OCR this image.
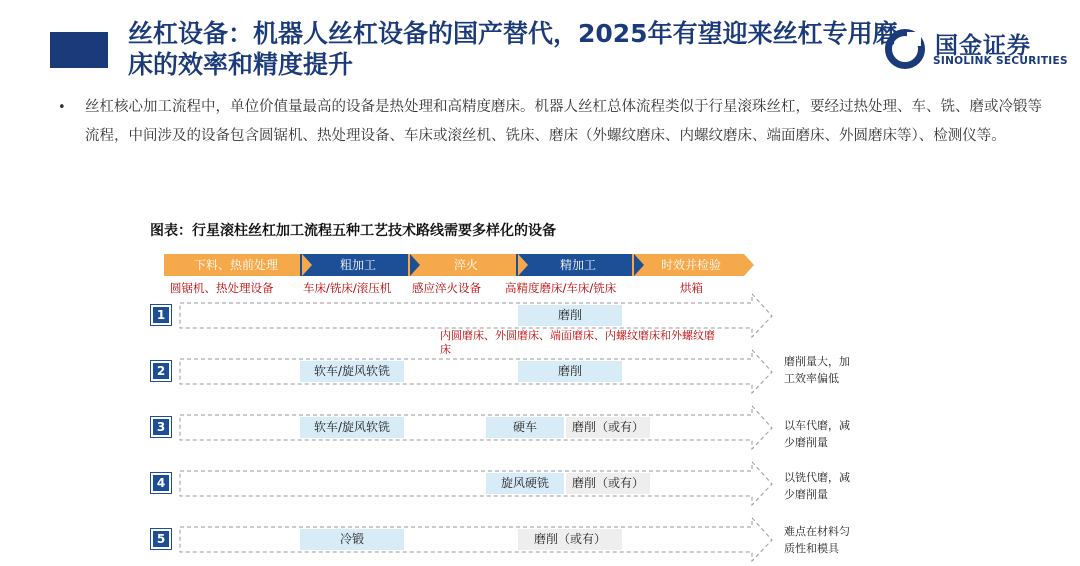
丝杠设备：机器人丝杠设备的国产替代，2025年有望迎来丝杠专用磨床的效率和精度提升
国金证券
SINOLINK SECURITIES
• 丝杠核心加工流程中，单位价值量最高的设备是热处理和高精度磨床。机器人丝杠总体流程类似于行星滚珠丝杠，要经过热处理、车、铣、磨或冷锻等流程，中间涉及的设备包含圆锯机、热处理设备、车床或滚丝机、铣床、磨床（外螺纹磨床、内螺纹磨床、端面磨床、外圆磨床等）、检测仪等。
图表：行星滚柱丝杠加工流程五种工艺技术路线需要多样化的设备
下料、热前处理	粗加工	淬火	精加工	时效并检验
圆锯机、热处理设备	车床/铣床/滚压机 感应淬火设备 高精度磨床/车床/铣床	烘箱
1	磨削
内圆磨床、外圆磨床、端面磨床、内螺纹磨床和外螺纹磨床
2	软车/旋风软铣	磨削
磨削量大，加工效率偏低
3	软车/旋风软铣	硬车	磨削（或有）	以车代磨，减少磨削量
4	旋风硬铣	磨削（或有）	以铣代磨，减少磨削量
5	冷锻	磨削（或有）
难点在材料匀质性和模具
